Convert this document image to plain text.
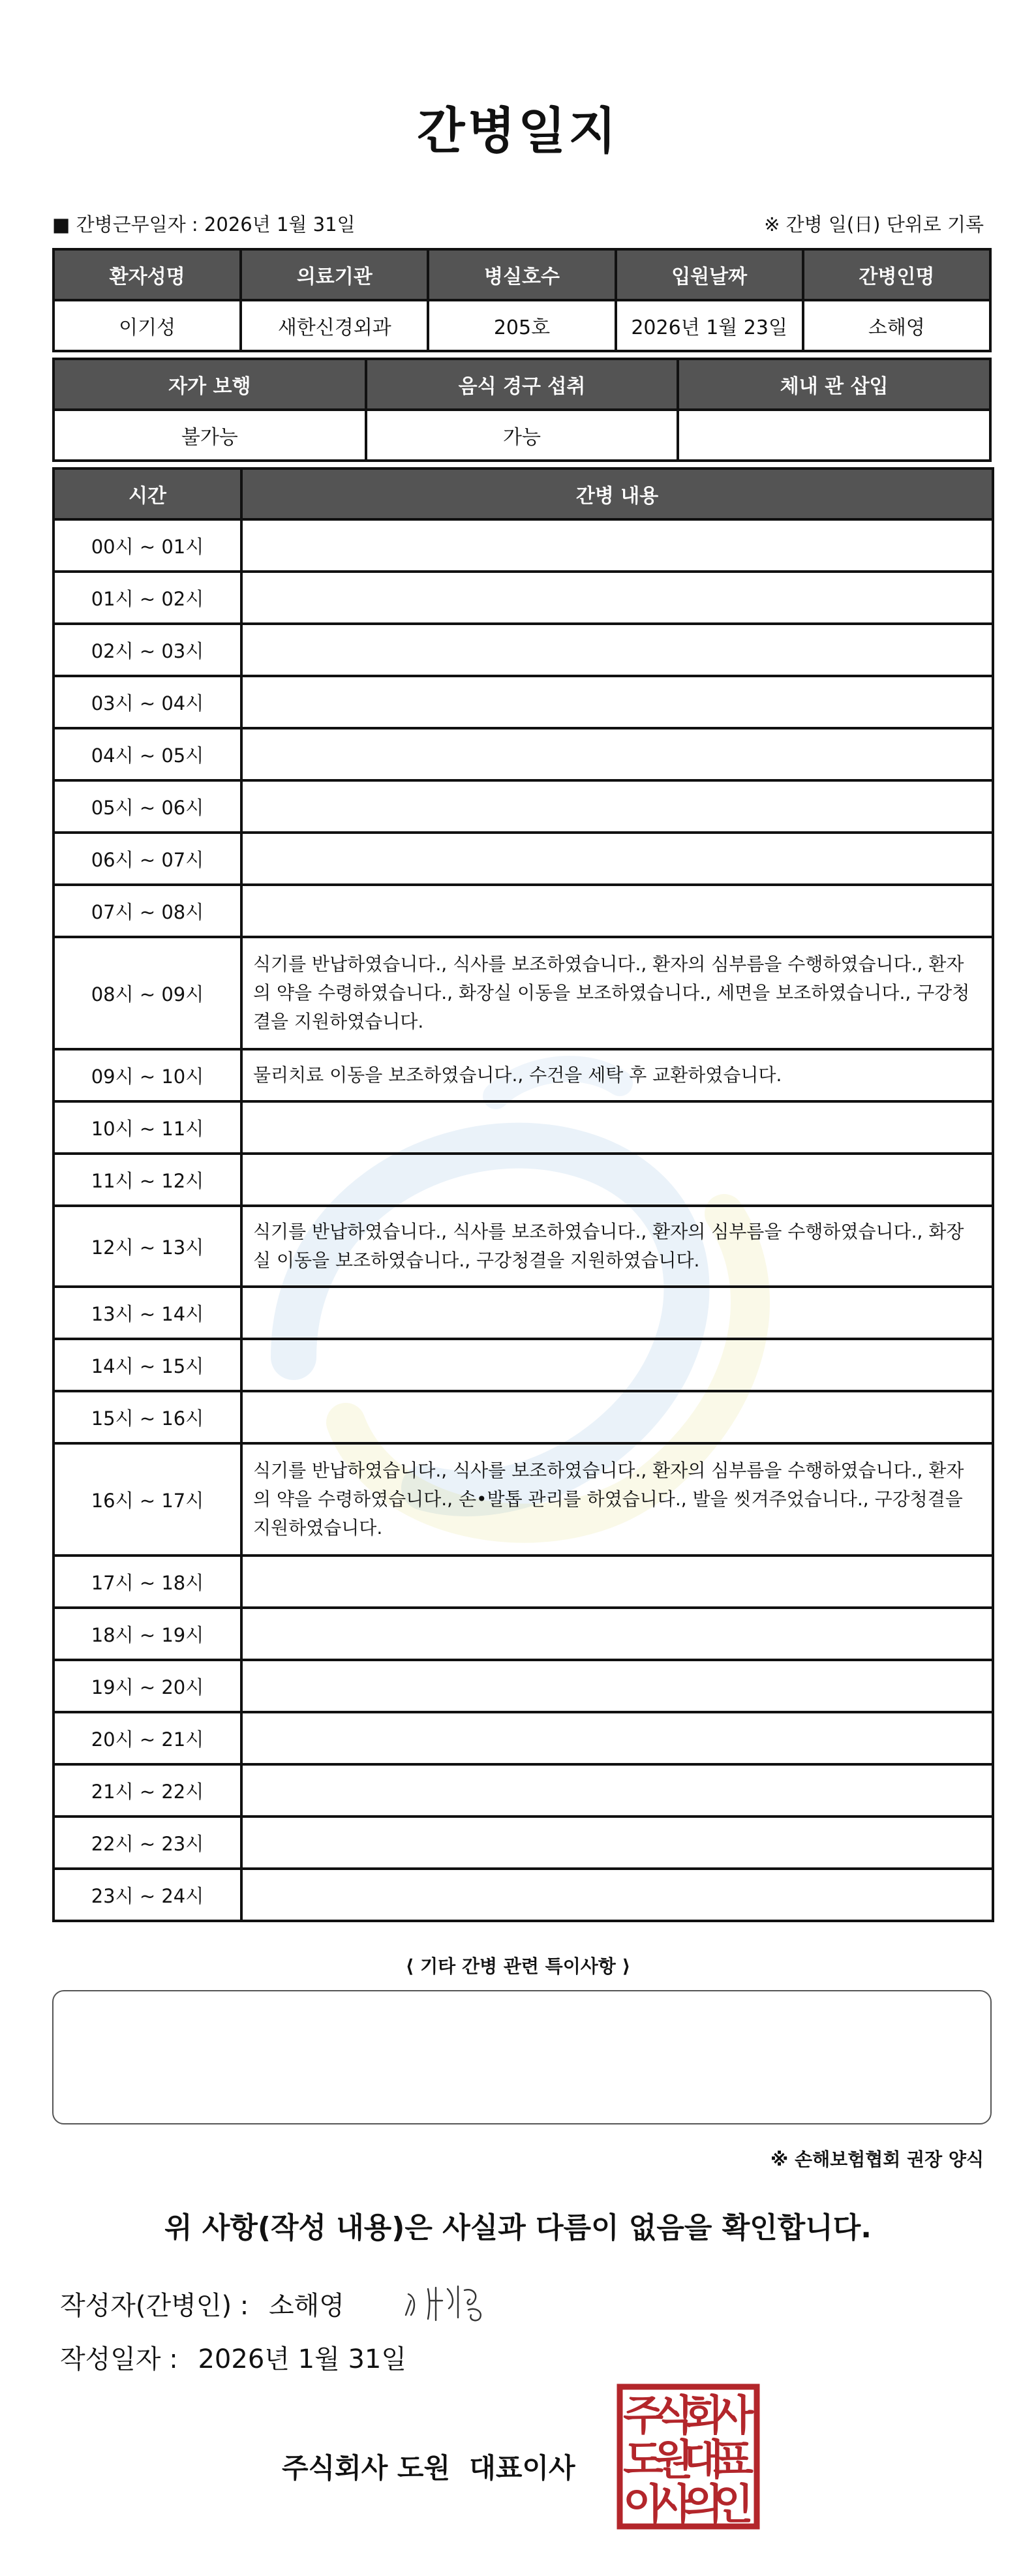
간병일지
■ 간병근무일자 : 2026년 1월 31일	※ 간병 일(日) 단위로 기록
환자성명	의료기관	병실호수	입원날짜	간병인명
이기성	새한신경외과	205호	2026년 1월 23일	소해영
자가 보행	음식 경구 섭취	체내 관 삽입
불가능	가능	
시간	간병 내용
00시 ~ 01시	
01시 ~ 02시	
02시 ~ 03시	
03시 ~ 04시	
04시 ~ 05시	
05시 ~ 06시	
06시 ~ 07시	
07시 ~ 08시	
08시 ~ 09시	식기를 반납하였습니다., 식사를 보조하였습니다., 환자의 심부름을 수행하였습니다., 환자의 약을 수령하였습니다., 화장실 이동을 보조하였습니다., 세면을 보조하였습니다., 구강청결을 지원하였습니다.
09시 ~ 10시	물리치료 이동을 보조하였습니다., 수건을 세탁 후 교환하였습니다.
10시 ~ 11시	
11시 ~ 12시	
12시 ~ 13시	식기를 반납하였습니다., 식사를 보조하였습니다., 환자의 심부름을 수행하였습니다., 화장실 이동을 보조하였습니다., 구강청결을 지원하였습니다.
13시 ~ 14시	
14시 ~ 15시	
15시 ~ 16시	
16시 ~ 17시	식기를 반납하였습니다., 식사를 보조하였습니다., 환자의 심부름을 수행하였습니다., 환자의 약을 수령하였습니다., 손•발톱 관리를 하였습니다., 발을 씻겨주었습니다., 구강청결을 지원하였습니다.
17시 ~ 18시	
18시 ~ 19시	
19시 ~ 20시	
20시 ~ 21시	
21시 ~ 22시	
22시 ~ 23시	
23시 ~ 24시	
⟨ 기타 간병 관련 특이사항 ⟩
※ 손해보험협회 권장 양식
위 사항(작성 내용)은 사실과 다름이 없음을 확인합니다.
작성자(간병인) : 소해영
작성일자 : 2026년 1월 31일
주식회사 도원  대표이사
주
식
회
사
도
원
대
표
이
사
의
인
